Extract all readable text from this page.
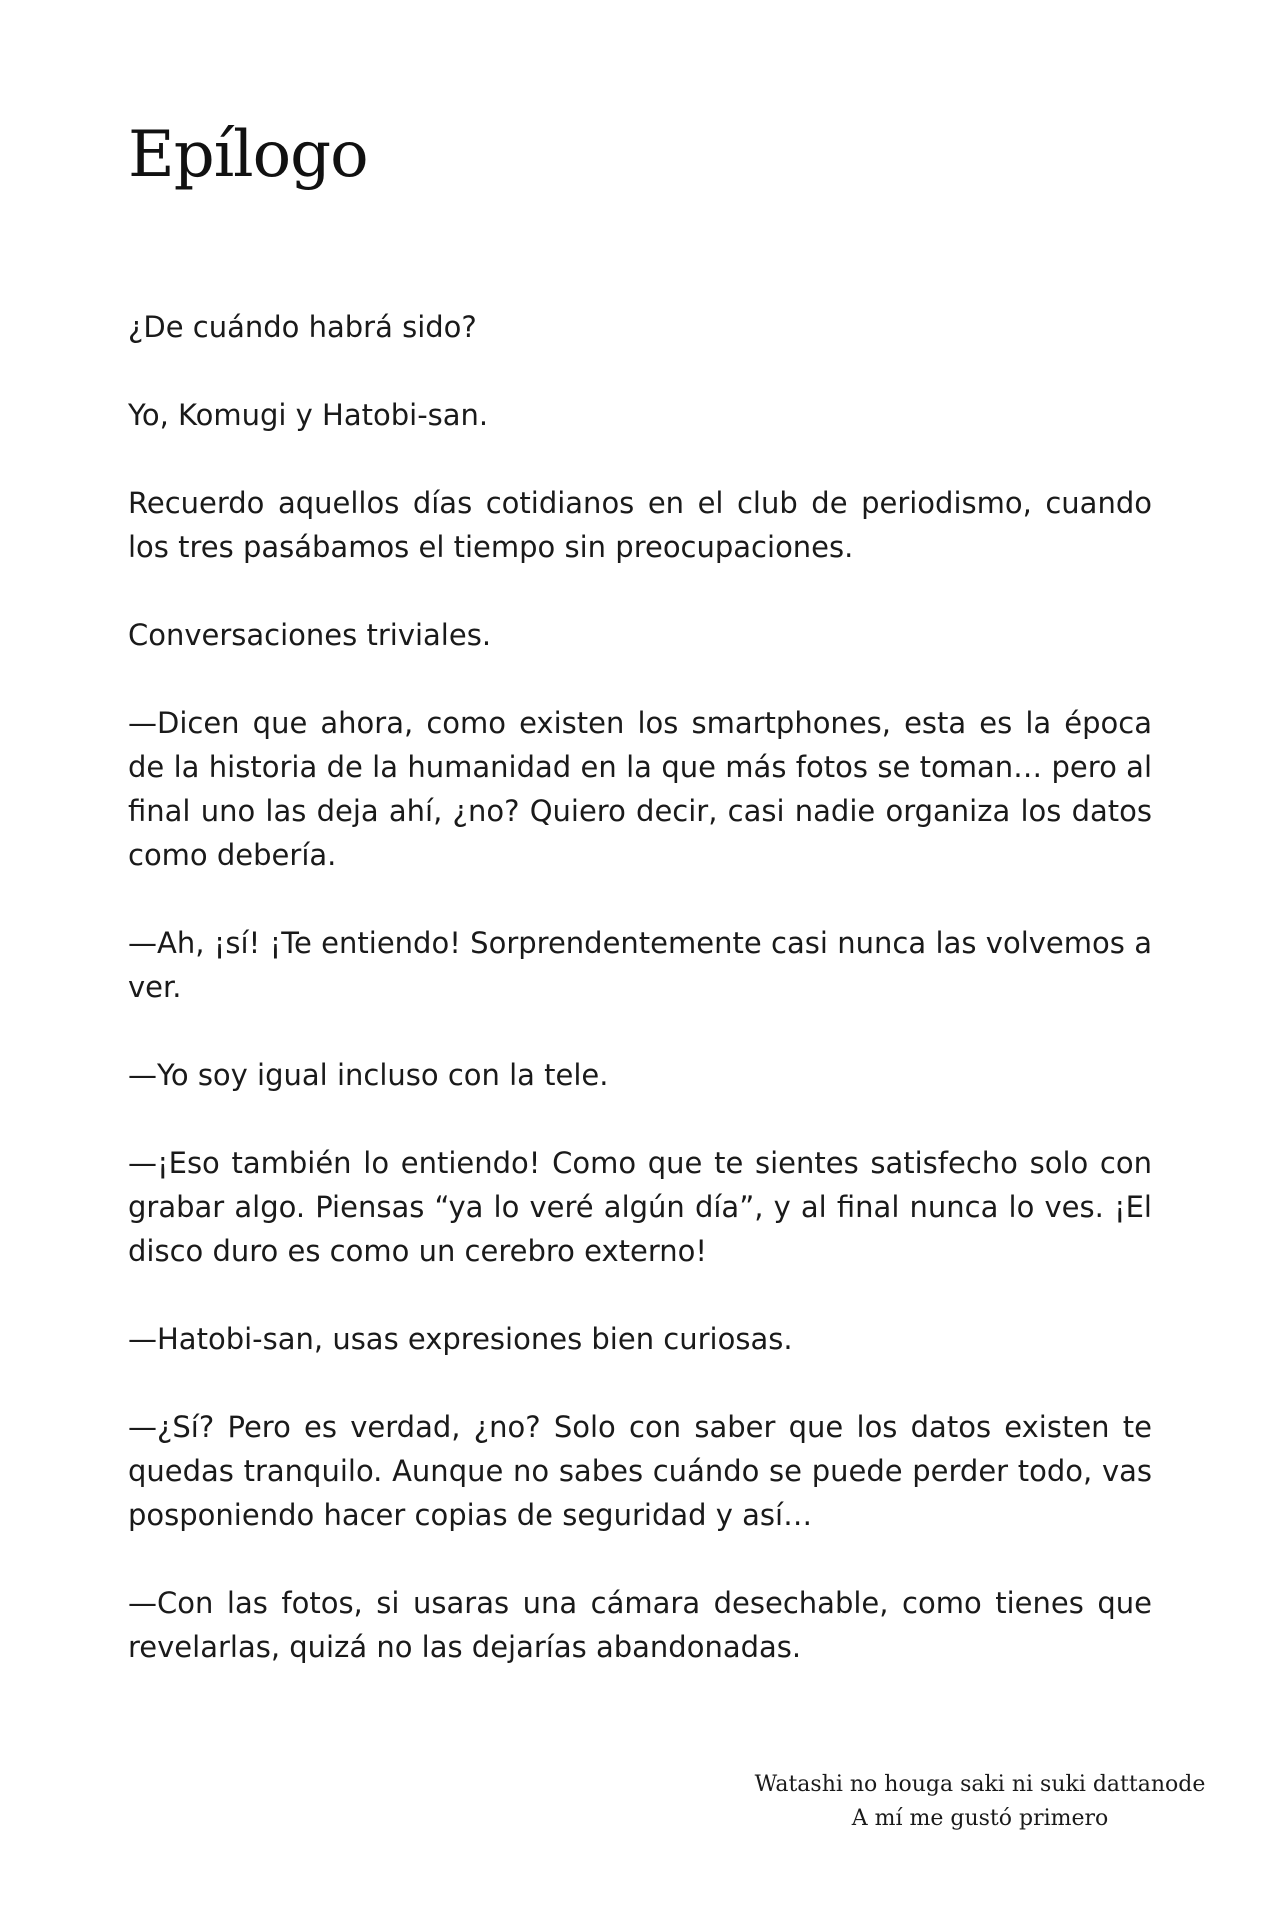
Epílogo

¿De cuándo habrá sido?

Yo, Komugi y Hatobi-san.

Recuerdo aquellos días cotidianos en el club de periodismo, cuando los tres pasábamos el tiempo sin preocupaciones.

Conversaciones triviales.

—Dicen que ahora, como existen los smartphones, esta es la época de la historia de la humanidad en la que más fotos se toman… pero al final uno las deja ahí, ¿no? Quiero decir, casi nadie organiza los datos como debería.

—Ah, ¡sí! ¡Te entiendo! Sorprendentemente casi nunca las volvemos a ver.

—Yo soy igual incluso con la tele.

—¡Eso también lo entiendo! Como que te sientes satisfecho solo con grabar algo. Piensas “ya lo veré algún día”, y al final nunca lo ves. ¡El disco duro es como un cerebro externo!

—Hatobi-san, usas expresiones bien curiosas.

—¿Sí? Pero es verdad, ¿no? Solo con saber que los datos existen te quedas tranquilo. Aunque no sabes cuándo se puede perder todo, vas posponiendo hacer copias de seguridad y así…

—Con las fotos, si usaras una cámara desechable, como tienes que revelarlas, quizá no las dejarías abandonadas.

Watashi no houga saki ni suki dattanode
A mí me gustó primero
